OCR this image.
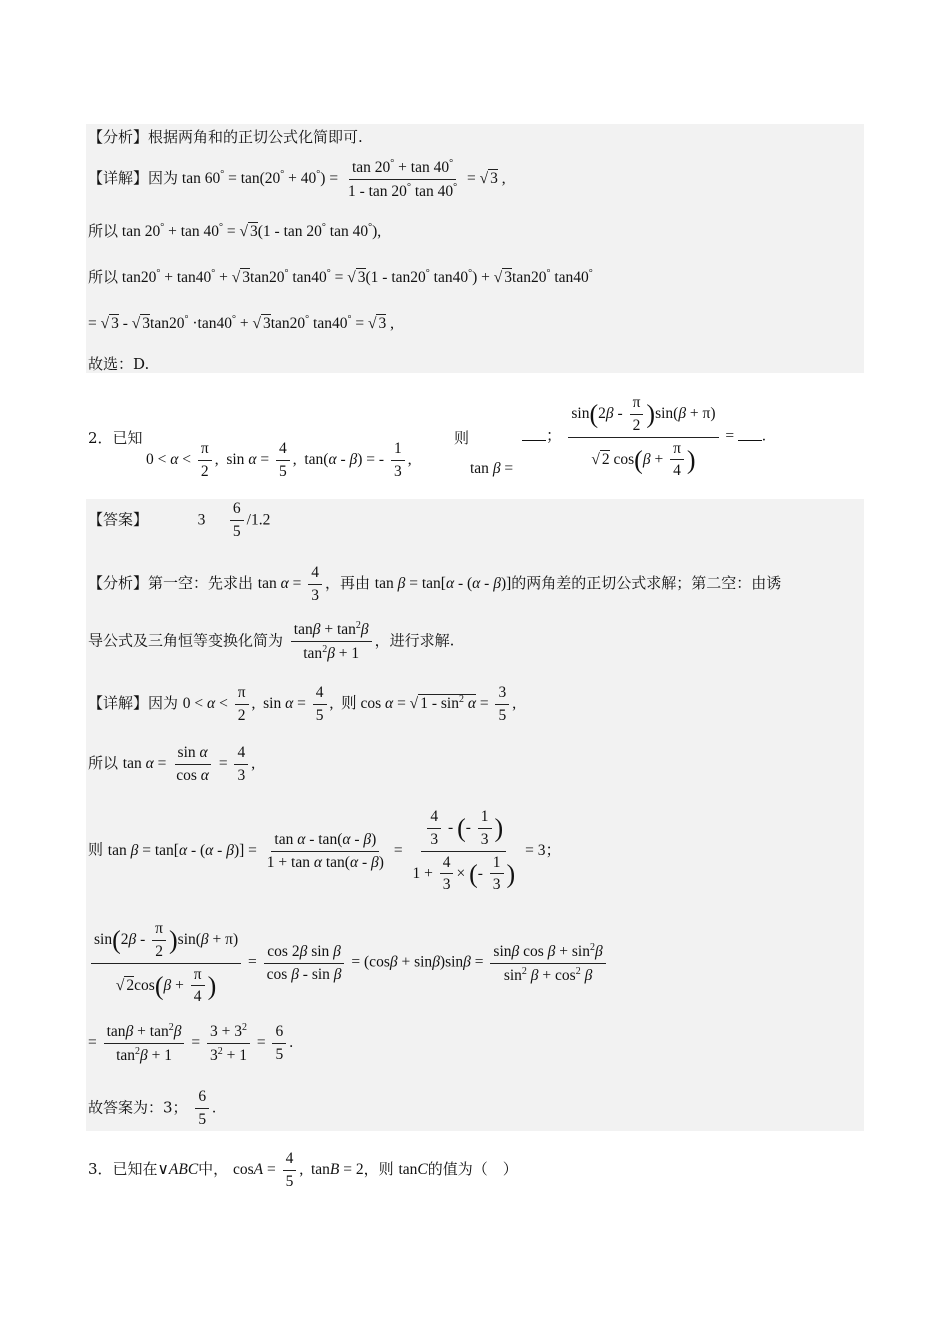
【分析】根据两角和的正切公式化简即可.
【详解】因为 $\tan 60^\circ = \tan(20^\circ + 40^\circ) = \frac{\tan 20^\circ + \tan 40^\circ}{1 - \tan 20^\circ \tan 40^\circ}$ = √ 3 ,
所以 tan 20° + tan 40° = √ 3(1 - tan 20° tan 40°),
所以 tan20° + tan40° + √ 3tan20° tan40° = √ 3(1 - tan20° tan40°) + √ 3tan20° tan40°
= √ 3 - √ 3tan20° ·tan40° + √ 3tan20° tan40° = √ 3 ,
故选：D.
2．已知
$0 < \alpha < \frac{\pi}{2}$ ,  $\sin \alpha = \frac{4}{5}$ ,  tan(α - β) = - $\frac{1}{3}$ ,
则
tan β =
； $\frac{\sin(2\beta - \frac{\pi}{2} )\sin(\beta + \pi)}{√ 2 \cos(\beta + \frac{\pi}{4} )}$ = .
【答案】	$3 \frac{6}{5} /1.2$
【分析】第一空：先求出 $\tan \alpha = \frac{4}{3}$ ，再由 tan β = tan[α - (α - β)]的两角差的正切公式求解；第二空：由诱
导公式及三角恒等变换化简为 $\frac{\tan\beta + \tan^2\beta}{\tan^2\beta + 1}$ ，进行求解.
【详解】因为 $0 < \alpha < \frac{\pi}{2}$ ,  $\sin \alpha = \frac{4}{5}$ ,  则 cos α = √ $1 - \sin^2 \alpha = \frac{3}{5}$ ,
所以 $\tan \alpha = \frac{\text{sin α}}{\text{cos α}} = \frac{4}{3}$ ,
则 $\tan \beta = \tan[\alpha - (\alpha - \beta)] = \frac{\text{tan α - tan(α - β)}}{\text{1 + tan α tan(α - β)}} = \frac{\frac{4}{3} - (- \frac{1}{3} )}{1 + \frac{4}{3} \times (- \frac{1}{3} )} = 3$；
$\frac{\sin(2\beta - \frac{\pi}{2} )\sin(\beta + \pi)}{√ 2\cos(\beta + \frac{\pi}{4} )} = \frac{\text{cos 2β sin β}}{\text{cos β - sin β}} = (\cos\beta + \sin\beta)\sin\beta = \frac{\sin\beta \cos \beta + \sin^2\beta}{\sin^2 \beta + \cos^2 \beta}$
= $\frac{\tan\beta + \tan^2\beta}{\tan^2\beta + 1} = \frac{3 + 3^2}{3^2 + 1} = \frac{6}{5}$ .
故答案为：3； $\frac{6}{5}$ .
3．已知在∨ABC中， $\cos A = \frac{4}{5}$ ,  tanB = 2，则 tanC的值为（　）
